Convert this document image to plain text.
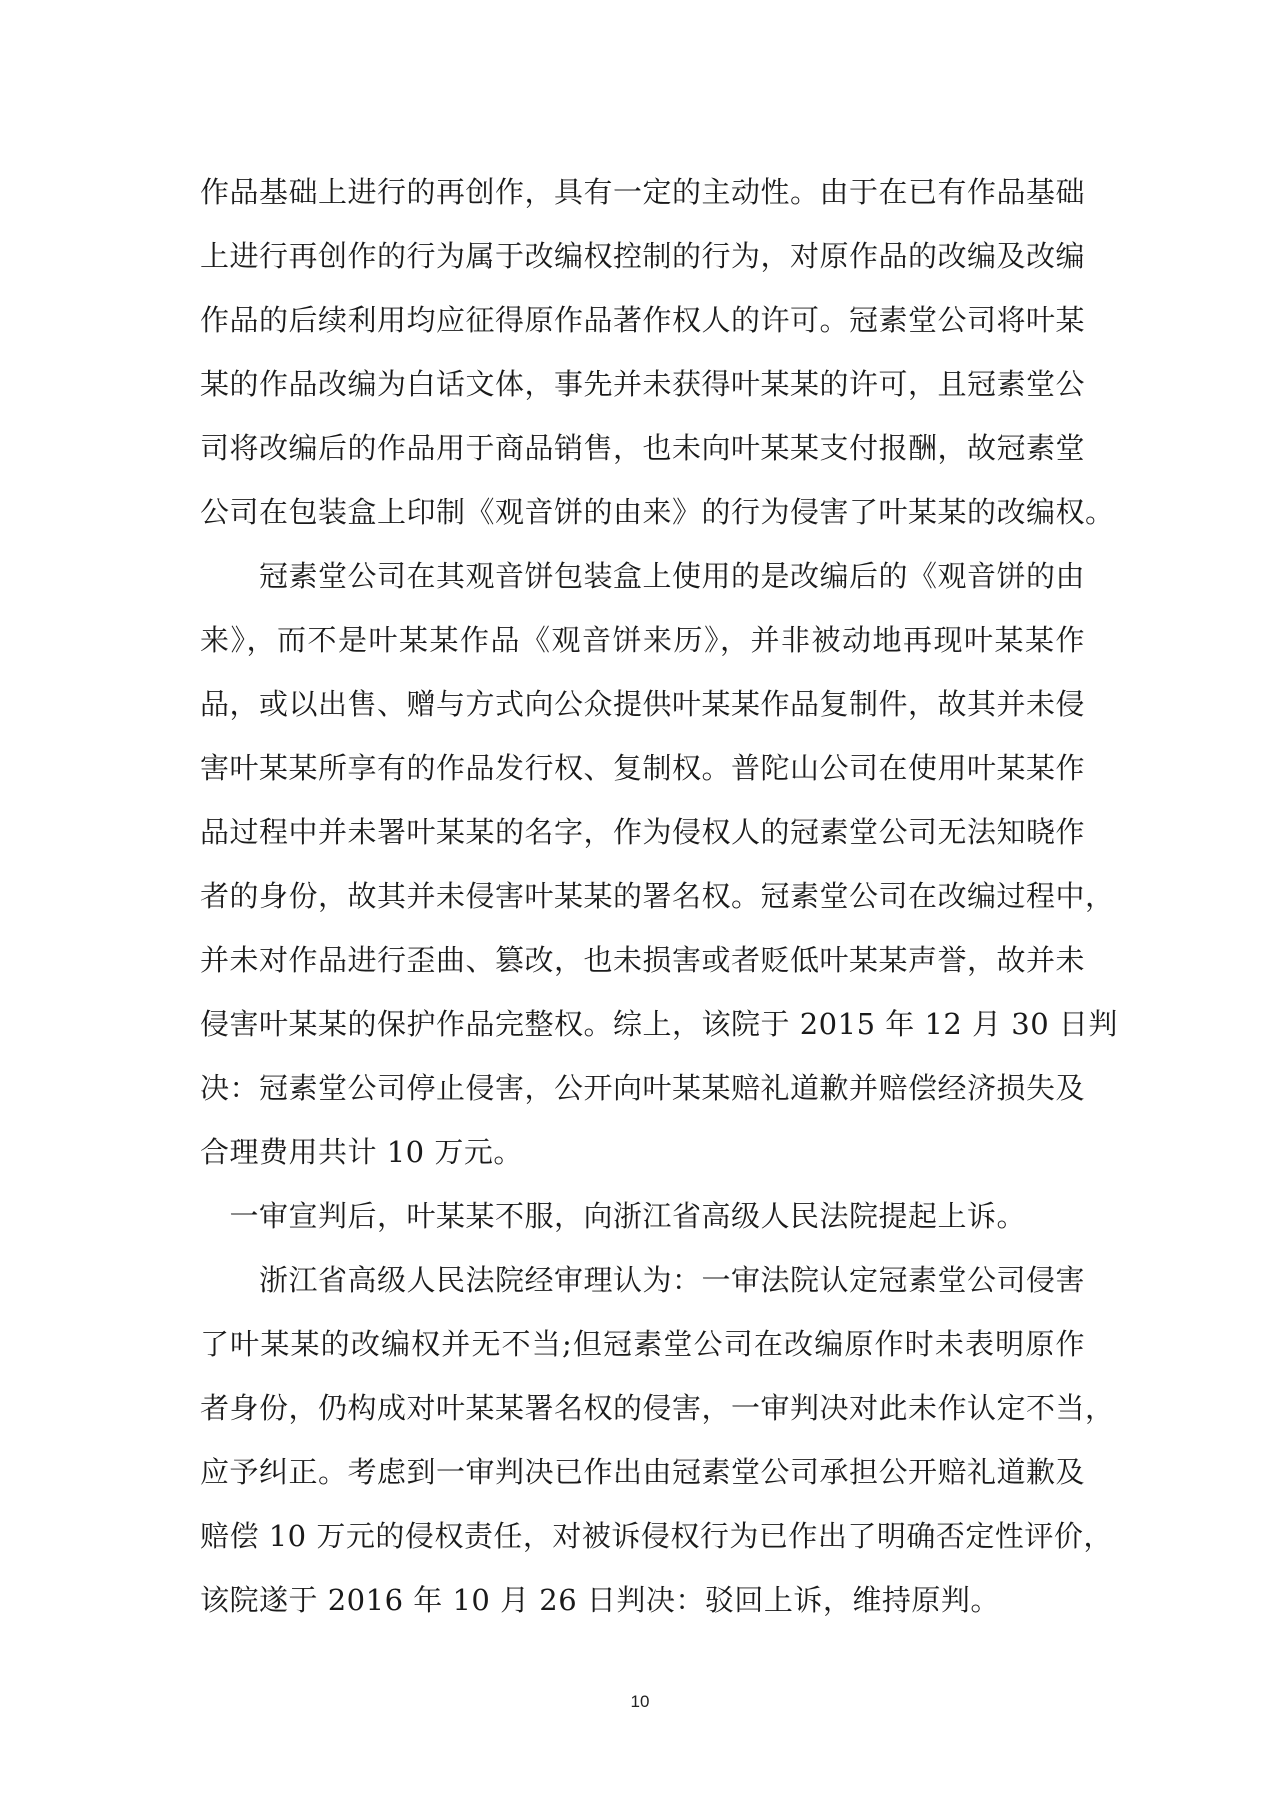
作品基础上进行的再创作，具有一定的主动性。由于在已有作品基础
上进行再创作的行为属于改编权控制的行为，对原作品的改编及改编
作品的后续利用均应征得原作品著作权人的许可。冠素堂公司将叶某
某的作品改编为白话文体，事先并未获得叶某某的许可，且冠素堂公
司将改编后的作品用于商品销售，也未向叶某某支付报酬，故冠素堂
公司在包装盒上印制《观音饼的由来》的行为侵害了叶某某的改编权。
　　冠素堂公司在其观音饼包装盒上使用的是改编后的《观音饼的由
来》，而不是叶某某作品《观音饼来历》，并非被动地再现叶某某作
品，或以出售、赠与方式向公众提供叶某某作品复制件，故其并未侵
害叶某某所享有的作品发行权、复制权。普陀山公司在使用叶某某作
品过程中并未署叶某某的名字，作为侵权人的冠素堂公司无法知晓作
者的身份，故其并未侵害叶某某的署名权。冠素堂公司在改编过程中，
并未对作品进行歪曲、篡改，也未损害或者贬低叶某某声誉，故并未
侵害叶某某的保护作品完整权。综上，该院于 2015 年 12 月 30 日判
决：冠素堂公司停止侵害，公开向叶某某赔礼道歉并赔偿经济损失及
合理费用共计 10 万元。
　一审宣判后，叶某某不服，向浙江省高级人民法院提起上诉。
　　浙江省高级人民法院经审理认为：一审法院认定冠素堂公司侵害
了叶某某的改编权并无不当;但冠素堂公司在改编原作时未表明原作
者身份，仍构成对叶某某署名权的侵害，一审判决对此未作认定不当，
应予纠正。考虑到一审判决已作出由冠素堂公司承担公开赔礼道歉及
赔偿 10 万元的侵权责任，对被诉侵权行为已作出了明确否定性评价，
该院遂于 2016 年 10 月 26 日判决：驳回上诉，维持原判。
10
